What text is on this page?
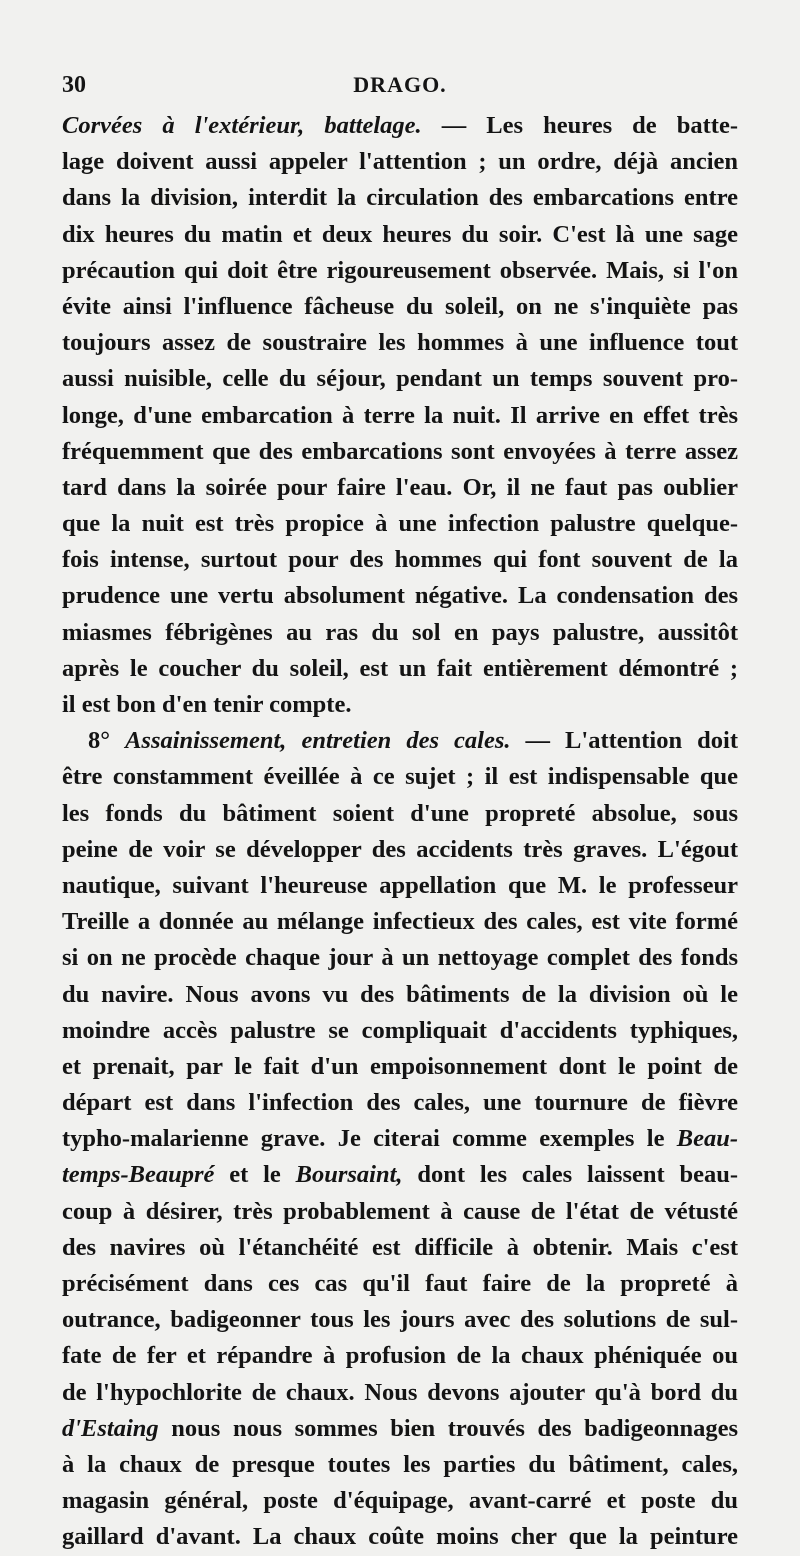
30	DRAGO.
Corvées à l'extérieur, battelage. — Les heures de batte-
lage doivent aussi appeler l'attention ; un ordre, déjà ancien
dans la division, interdit la circulation des embarcations entre
dix heures du matin et deux heures du soir. C'est là une sage
précaution qui doit être rigoureusement observée. Mais, si l'on
évite ainsi l'influence fâcheuse du soleil, on ne s'inquiète pas
toujours assez de soustraire les hommes à une influence tout
aussi nuisible, celle du séjour, pendant un temps souvent pro-
longe, d'une embarcation à terre la nuit. Il arrive en effet très
fréquemment que des embarcations sont envoyées à terre assez
tard dans la soirée pour faire l'eau. Or, il ne faut pas oublier
que la nuit est très propice à une infection palustre quelque-
fois intense, surtout pour des hommes qui font souvent de la
prudence une vertu absolument négative. La condensation des
miasmes fébrigènes au ras du sol en pays palustre, aussitôt
après le coucher du soleil, est un fait entièrement démontré ;
il est bon d'en tenir compte.
8° Assainissement, entretien des cales. — L'attention doit
être constamment éveillée à ce sujet ; il est indispensable que
les fonds du bâtiment soient d'une propreté absolue, sous
peine de voir se développer des accidents très graves. L'égout
nautique, suivant l'heureuse appellation que M. le professeur
Treille a donnée au mélange infectieux des cales, est vite formé
si on ne procède chaque jour à un nettoyage complet des fonds
du navire. Nous avons vu des bâtiments de la division où le
moindre accès palustre se compliquait d'accidents typhiques,
et prenait, par le fait d'un empoisonnement dont le point de
départ est dans l'infection des cales, une tournure de fièvre
typho-malarienne grave. Je citerai comme exemples le Beau-
temps-Beaupré et le Boursaint, dont les cales laissent beau-
coup à désirer, très probablement à cause de l'état de vétusté
des navires où l'étanchéité est difficile à obtenir. Mais c'est
précisément dans ces cas qu'il faut faire de la propreté à
outrance, badigeonner tous les jours avec des solutions de sul-
fate de fer et répandre à profusion de la chaux phéniquée ou
de l'hypochlorite de chaux. Nous devons ajouter qu'à bord du
d'Estaing nous nous sommes bien trouvés des badigeonnages
à la chaux de presque toutes les parties du bâtiment, cales,
magasin général, poste d'équipage, avant-carré et poste du
gaillard d'avant. La chaux coûte moins cher que la peinture
